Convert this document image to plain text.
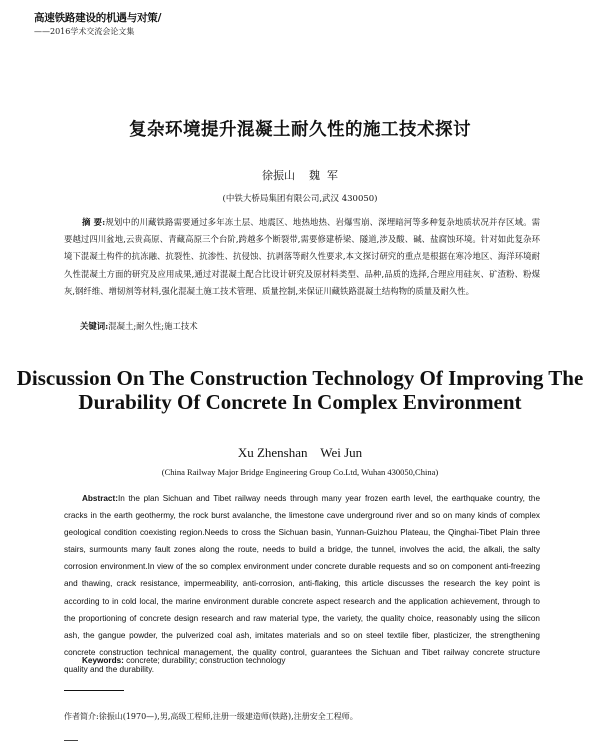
高速铁路建设的机遇与对策/
——2016学术交流会论文集
复杂环境提升混凝土耐久性的施工技术探讨
徐振山    魏  军
(中铁大桥局集团有限公司,武汉 430050)
摘 要:规划中的川藏铁路需要通过多年冻土层、地震区、地热地热、岩爆雪崩、深埋暗河等多种复杂地质状况并存区域。需要越过四川盆地,云贵高原、青藏高原三个台阶,跨越多个断裂带,需要修建桥梁、隧道,涉及酸、碱、盐腐蚀环境。针对如此复杂环境下混凝土构件的抗冻融、抗裂性、抗渗性、抗侵蚀、抗剥落等耐久性要求,本文探讨研究的重点是根据在寒冷地区、海洋环境耐久性混凝土方面的研究及应用成果,通过对混凝土配合比设计研究及原材料类型、品种,品质的选择,合理应用硅灰、矿渣粉、粉煤灰,钢纤维、增韧剂等材料,强化混凝土施工技术管理、质量控制,来保证川藏铁路混凝土结构物的质量及耐久性。
关键词:混凝土;耐久性;施工技术
Discussion On The Construction Technology Of Improving The Durability Of Concrete In Complex Environment
Xu Zhenshan    Wei Jun
(China Railway Major Bridge Engineering Group Co.Ltd, Wuhan 430050,China)
Abstract:In the plan Sichuan and Tibet railway needs through many year frozen earth level, the earthquake country, the cracks in the earth geothermy, the rock burst avalanche, the limestone cave underground river and so on many kinds of complex geological condition coexisting region.Needs to cross the Sichuan basin, Yunnan-Guizhou Plateau, the Qinghai-Tibet Plain three stairs, surmounts many fault zones along the route, needs to build a bridge, the tunnel, involves the acid, the alkali, the salty corrosion environment.In view of the so complex environment under concrete durable requests and so on component anti-freezing and thawing, crack resistance, impermeability, anti-corrosion, anti-flaking, this article discusses the research the key point is according to in cold local, the marine environment durable concrete aspect research and the application achievement, through to the proportioning of concrete design research and raw material type, the variety, the quality choice, reasonably using the silicon ash, the gangue powder, the pulverized coal ash, imitates materials and so on steel textile fiber, plasticizer, the strengthening concrete construction technical management, the quality control, guarantees the Sichuan and Tibet railway concrete structure quality and the durability.
Keywords: concrete; durability; construction technology
作者简介:徐振山(1970—),男,高级工程师,注册一级建造师(铁路),注册安全工程师。
